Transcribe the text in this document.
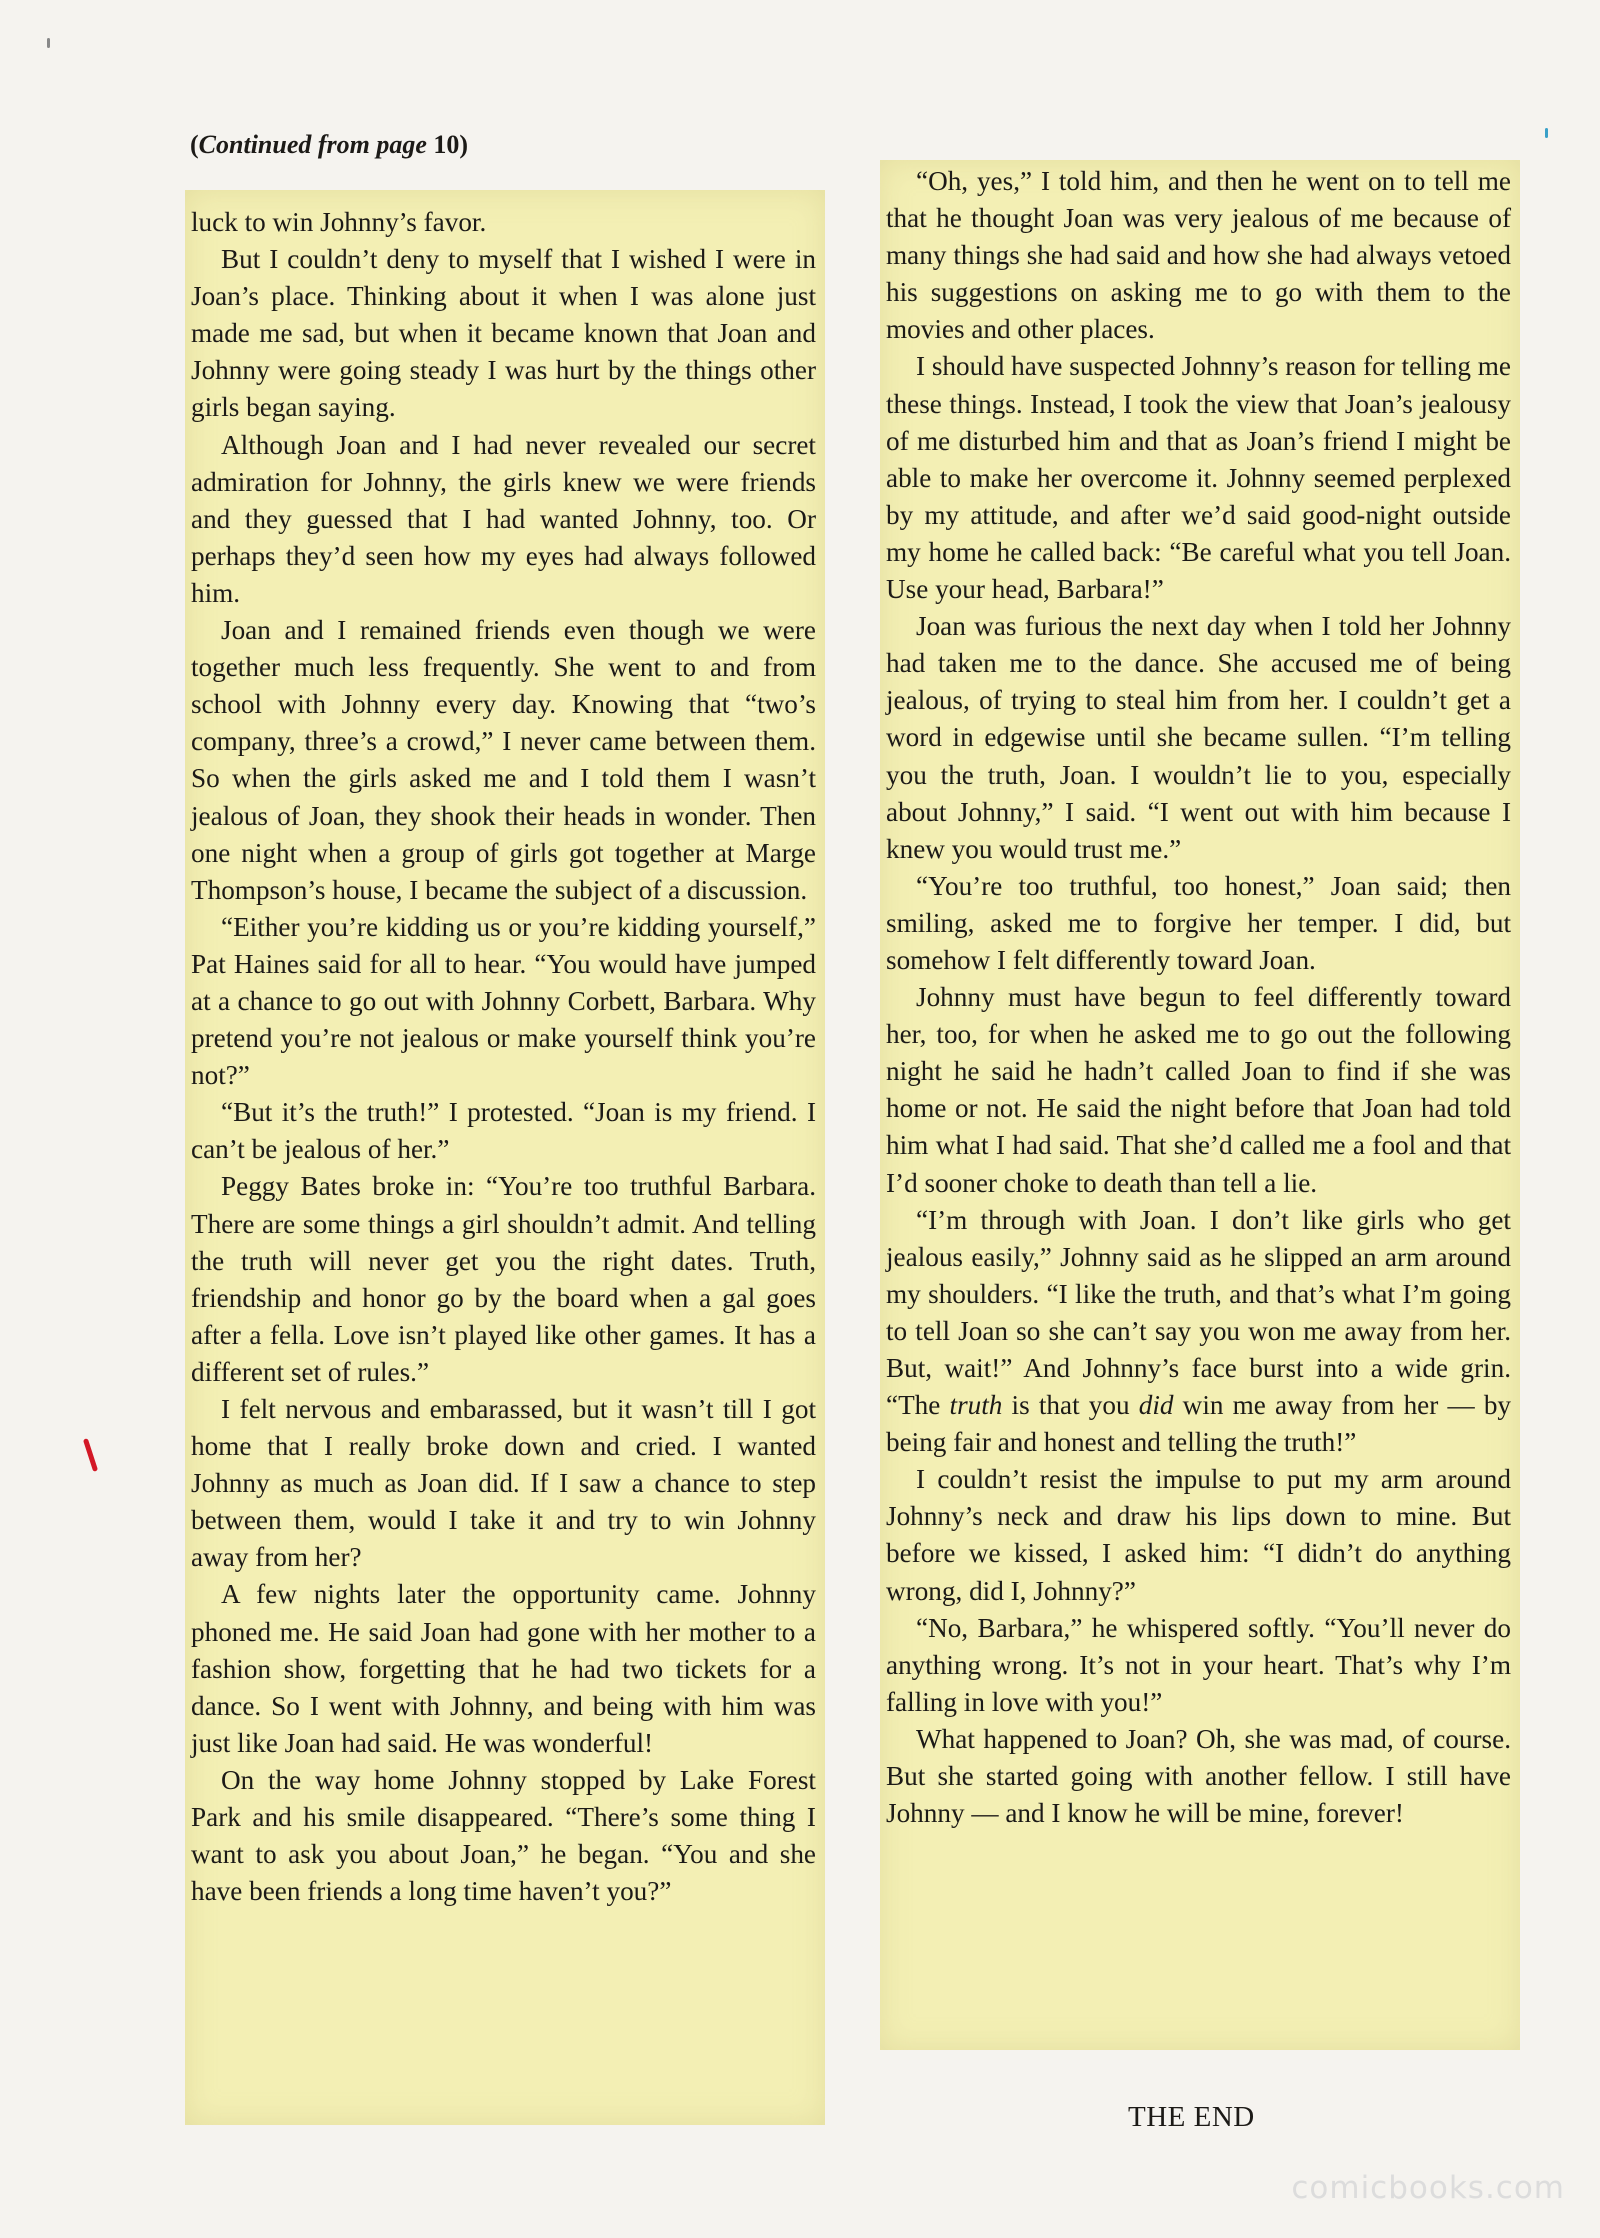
(Continued from page 10)

luck to win Johnny’s favor.

But I couldn’t deny to myself that I wished I were in Joan’s place. Thinking about it when I was alone just made me sad, but when it became known that Joan and Johnny were going steady I was hurt by the things other girls began saying.

Although Joan and I had never revealed our secret admiration for Johnny, the girls knew we were friends and they guessed that I had wanted Johnny, too. Or perhaps they’d seen how my eyes had always followed him.

Joan and I remained friends even though we were together much less frequently. She went to and from school with Johnny every day. Knowing that “two’s company, three’s a crowd,” I never came between them. So when the girls asked me and I told them I wasn’t jealous of Joan, they shook their heads in wonder. Then one night when a group of girls got together at Marge Thompson’s house, I became the subject of a discussion.

“Either you’re kidding us or you’re kidding yourself,” Pat Haines said for all to hear. “You would have jumped at a chance to go out with Johnny Corbett, Barbara. Why pretend you’re not jealous or make yourself think you’re not?”

“But it’s the truth!” I protested. “Joan is my friend. I can’t be jealous of her.”

Peggy Bates broke in: “You’re too truthful Barbara. There are some things a girl shouldn’t admit. And telling the truth will never get you the right dates. Truth, friendship and honor go by the board when a gal goes after a fella. Love isn’t played like other games. It has a different set of rules.”

I felt nervous and embarassed, but it wasn’t till I got home that I really broke down and cried. I wanted Johnny as much as Joan did. If I saw a chance to step between them, would I take it and try to win Johnny away from her?

A few nights later the opportunity came. Johnny phoned me. He said Joan had gone with her mother to a fashion show, forgetting that he had two tickets for a dance. So I went with Johnny, and being with him was just like Joan had said. He was wonderful!

On the way home Johnny stopped by Lake Forest Park and his smile disappeared. “There’s some thing I want to ask you about Joan,” he began. “You and she have been friends a long time haven’t you?”

“Oh, yes,” I told him, and then he went on to tell me that he thought Joan was very jealous of me because of many things she had said and how she had always vetoed his suggestions on asking me to go with them to the movies and other places.

I should have suspected Johnny’s reason for telling me these things. Instead, I took the view that Joan’s jealousy of me disturbed him and that as Joan’s friend I might be able to make her overcome it. Johnny seemed perplexed by my attitude, and after we’d said good-night outside my home he called back: “Be careful what you tell Joan. Use your head, Barbara!”

Joan was furious the next day when I told her Johnny had taken me to the dance. She accused me of being jealous, of trying to steal him from her. I couldn’t get a word in edgewise until she became sullen. “I’m telling you the truth, Joan. I wouldn’t lie to you, especially about Johnny,” I said. “I went out with him because I knew you would trust me.”

“You’re too truthful, too honest,” Joan said; then smiling, asked me to forgive her temper. I did, but somehow I felt differently toward Joan.

Johnny must have begun to feel differently toward her, too, for when he asked me to go out the following night he said he hadn’t called Joan to find if she was home or not. He said the night before that Joan had told him what I had said. That she’d called me a fool and that I’d sooner choke to death than tell a lie.

“I’m through with Joan. I don’t like girls who get jealous easily,” Johnny said as he slipped an arm around my shoulders. “I like the truth, and that’s what I’m going to tell Joan so she can’t say you won me away from her. But, wait!” And Johnny’s face burst into a wide grin. “The truth is that you did win me away from her — by being fair and honest and telling the truth!”

I couldn’t resist the impulse to put my arm around Johnny’s neck and draw his lips down to mine. But before we kissed, I asked him: “I didn’t do anything wrong, did I, Johnny?”

“No, Barbara,” he whispered softly. “You’ll never do anything wrong. It’s not in your heart. That’s why I’m falling in love with you!”

What happened to Joan? Oh, she was mad, of course. But she started going with another fellow. I still have Johnny — and I know he will be mine, forever!

THE END
comicbooks.com
